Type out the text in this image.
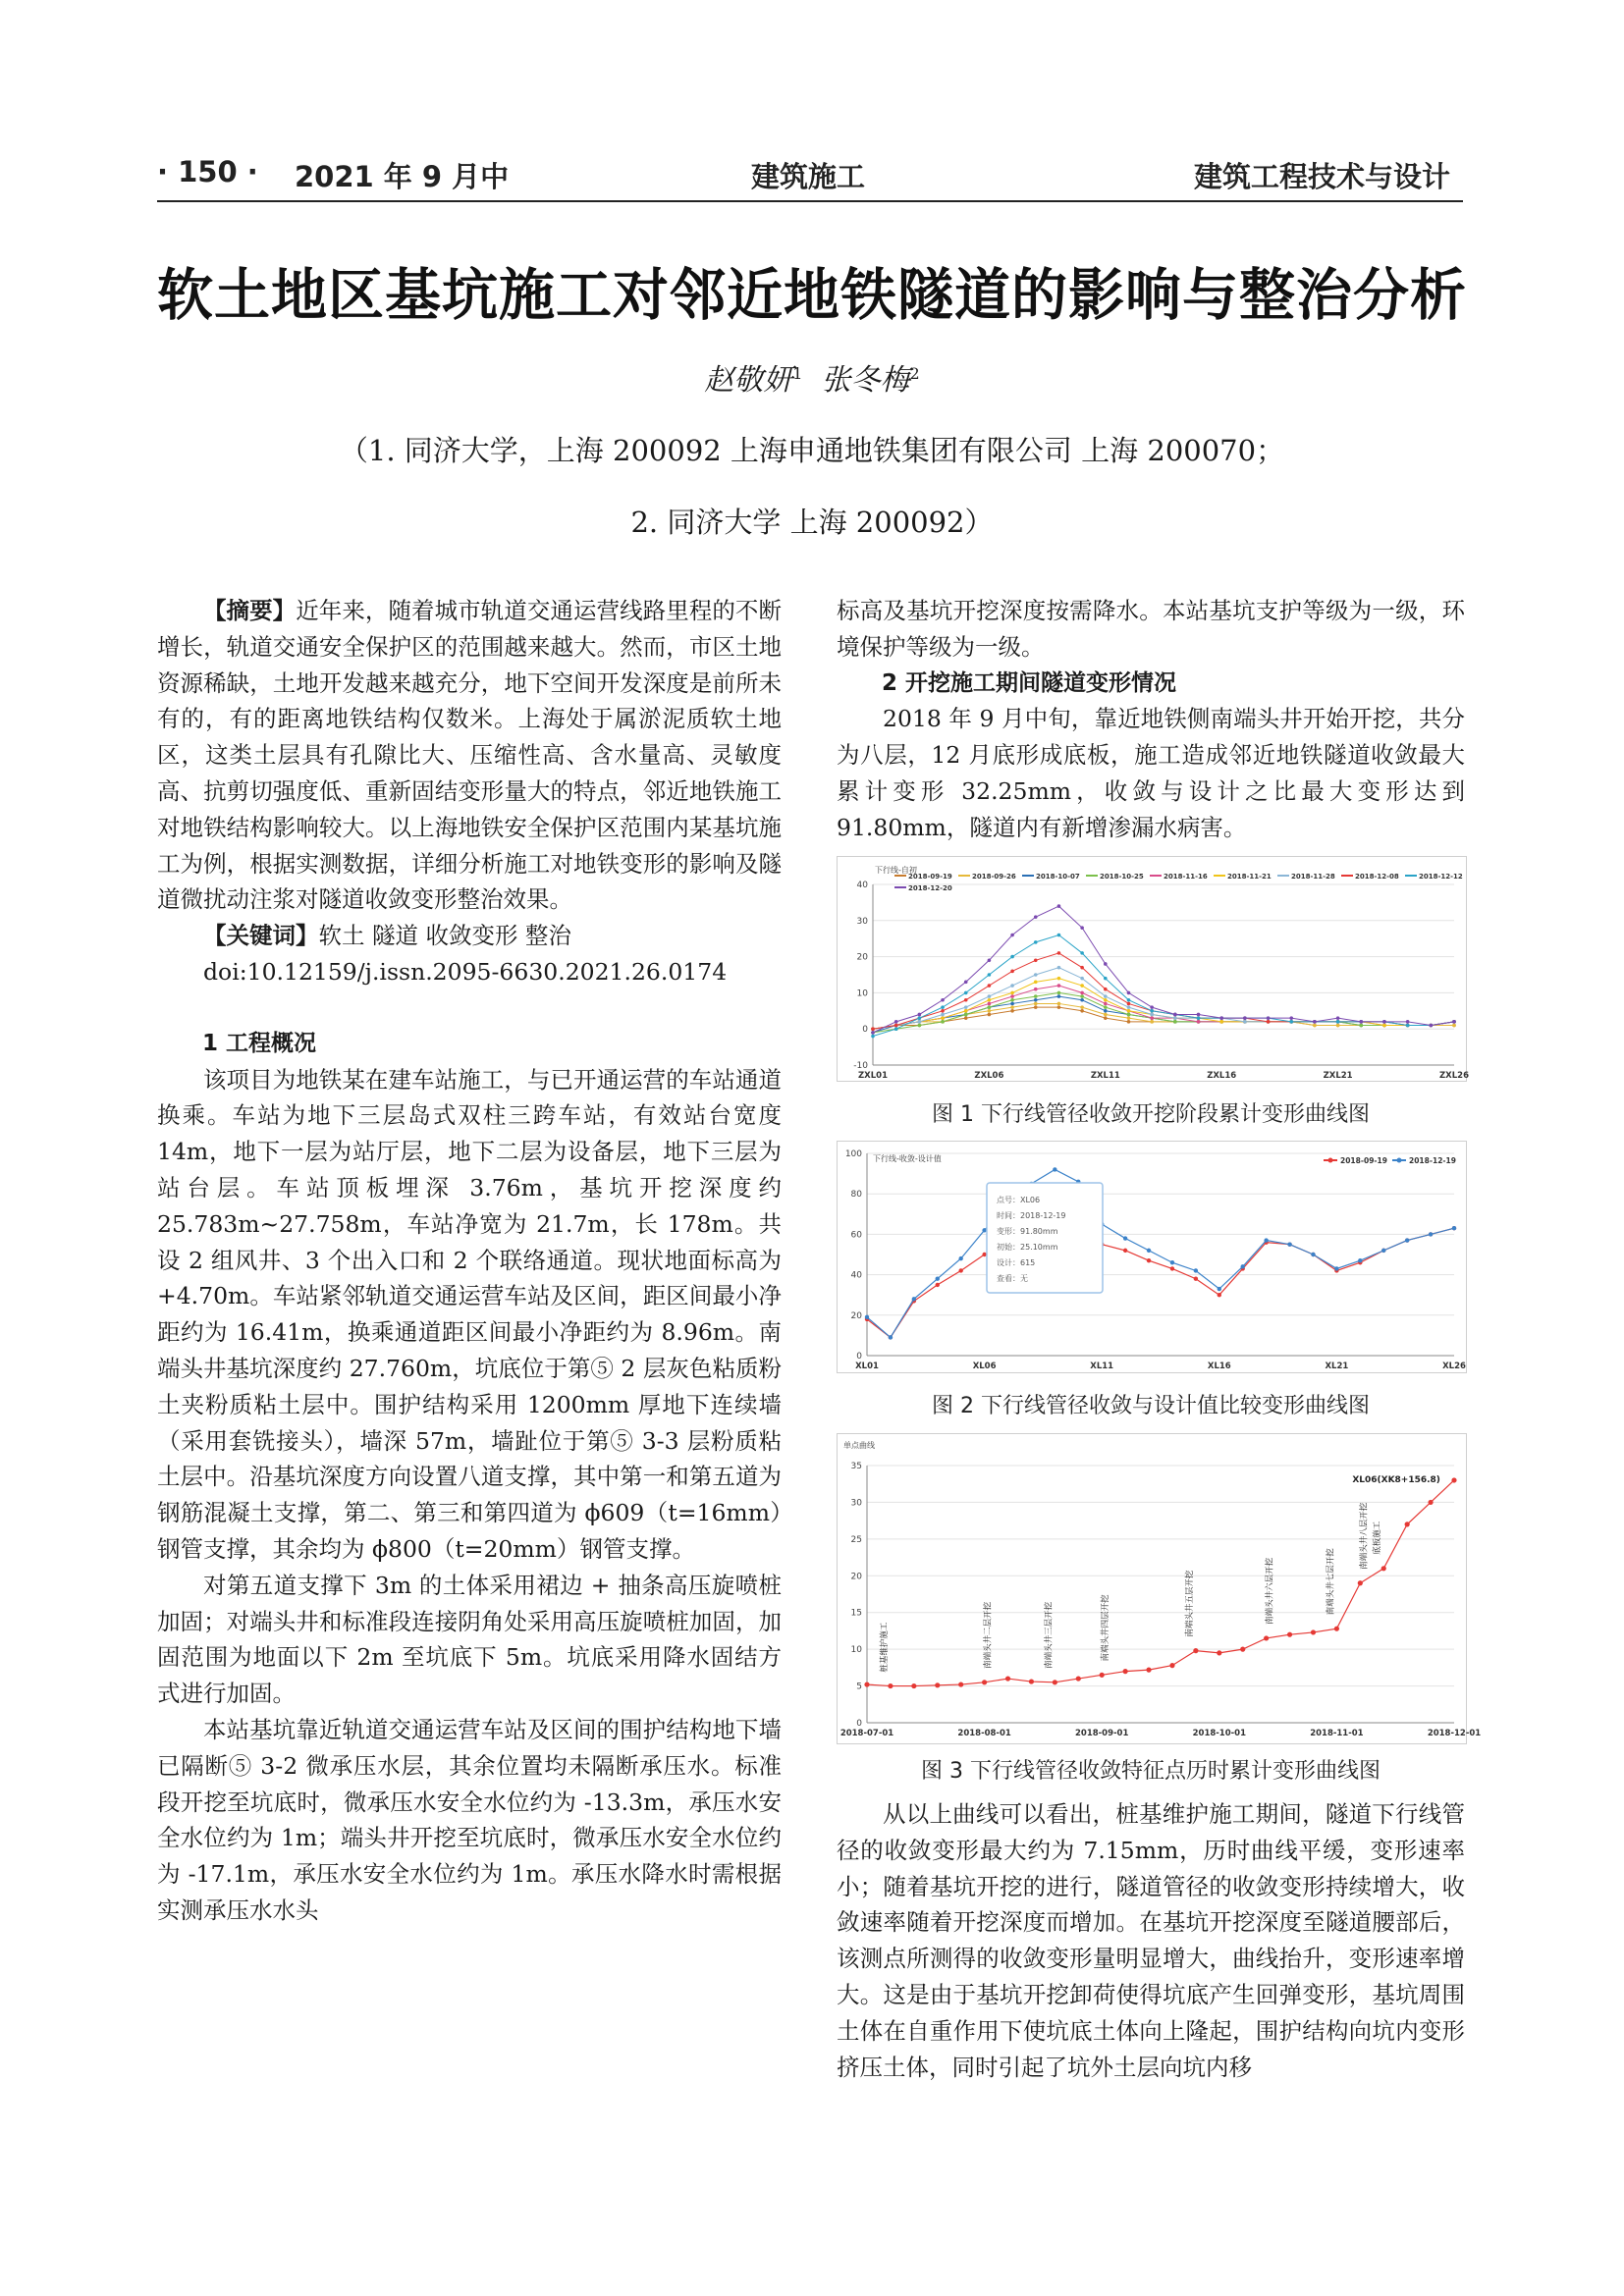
· 150 · 2021 年 9 月中	建筑施工	建筑工程技术与设计
软土地区基坑施工对邻近地铁隧道的影响与整治分析
赵敬妍$^1$ 张冬梅$^2$
（1. 同济大学，上海 200092 上海申通地铁集团有限公司 上海 200070；
2. 同济大学 上海 200092）

【摘要】近年来，随着城市轨道交通运营线路里程的不断增长，轨道交通安全保护区的范围越来越大。然而，市区土地资源稀缺，土地开发越来越充分，地下空间开发深度是前所未有的，有的距离地铁结构仅数米。上海处于属淤泥质软土地区，这类土层具有孔隙比大、压缩性高、含水量高、灵敏度高、抗剪切强度低、重新固结变形量大的特点，邻近地铁施工对地铁结构影响较大。以上海地铁安全保护区范围内某基坑施工为例，根据实测数据，详细分析施工对地铁变形的影响及隧道微扰动注浆对隧道收敛变形整治效果。

【关键词】软土 隧道 收敛变形 整治

doi:10.12159/j.issn.2095-6630.2021.26.0174

1 工程概况

该项目为地铁某在建车站施工，与已开通运营的车站通道换乘。车站为地下三层岛式双柱三跨车站，有效站台宽度 14m，地下一层为站厅层，地下二层为设备层，地下三层为站台层。车站顶板埋深 3.76m，基坑开挖深度约 25.783m~27.758m，车站净宽为 21.7m，长 178m。共设 2 组风井、3 个出入口和 2 个联络通道。现状地面标高为 +4.70m。车站紧邻轨道交通运营车站及区间，距区间最小净距约为 16.41m，换乘通道距区间最小净距约为 8.96m。南端头井基坑深度约 27.760m，坑底位于第⑤ 2 层灰色粘质粉土夹粉质粘土层中。围护结构采用 1200mm 厚地下连续墙（采用套铣接头），墙深 57m，墙趾位于第⑤ 3-3 层粉质粘土层中。沿基坑深度方向设置八道支撑，其中第一和第五道为钢筋混凝土支撑，第二、第三和第四道为 ϕ609（t=16mm）钢管支撑，其余均为 ϕ800（t=20mm）钢管支撑。

对第五道支撑下 3m 的土体采用裙边 + 抽条高压旋喷桩加固；对端头井和标准段连接阴角处采用高压旋喷桩加固，加固范围为地面以下 2m 至坑底下 5m。坑底采用降水固结方式进行加固。

本站基坑靠近轨道交通运营车站及区间的围护结构地下墙已隔断⑤ 3-2 微承压水层，其余位置均未隔断承压水。标准段开挖至坑底时，微承压水安全水位约为 -13.3m，承压水安全水位约为 1m；端头井开挖至坑底时，微承压水安全水位约为 -17.1m，承压水安全水位约为 1m。承压水降水时需根据实测承压水水头

标高及基坑开挖深度按需降水。本站基坑支护等级为一级，环境保护等级为一级。

2 开挖施工期间隧道变形情况

2018 年 9 月中旬，靠近地铁侧南端头井开始开挖，共分为八层，12 月底形成底板，施工造成邻近地铁隧道收敛最大累计变形 32.25mm，收敛与设计之比最大变形达到 91.80mm，隧道内有新增渗漏水病害。

下行线-自初
-10
0
10
20
30
40
ZXL01	ZXL06	ZXL11	ZXL16	ZXL21	ZXL26
2018-09-19	2018-09-26	2018-10-07	2018-10-25	2018-11-16	2018-11-21	2018-11-28	2018-12-08	2018-12-12
2018-12-20
图 1 下行线管径收敛开挖阶段累计变形曲线图
下行线-收敛-设计值
0
20
40
60
80
100
XL01	XL06	XL11	XL16	XL21	XL26
2018-09-19	2018-12-19
点号：XL06
时间：2018-12-19
变形：91.80mm
初始：25.10mm
设计：615
查看：无
图 2 下行线管径收敛与设计值比较变形曲线图
单点曲线
0
5
10
15
20
25
30
35
2018-07-01	2018-08-01	2018-09-01	2018-10-01	2018-11-01	2018-12-01
XL06(XK8+156.8)
桩基维护施工	南端头井二层开挖	南端头井三层开挖	南端头井四层开挖	南端头井五层开挖	南端头井六层开挖	南端头井七层开挖
南端头井八层开挖 底板施工
图 3 下行线管径收敛特征点历时累计变形曲线图

从以上曲线可以看出，桩基维护施工期间，隧道下行线管径的收敛变形最大约为 7.15mm，历时曲线平缓，变形速率小；随着基坑开挖的进行，隧道管径的收敛变形持续增大，收敛速率随着开挖深度而增加。在基坑开挖深度至隧道腰部后，该测点所测得的收敛变形量明显增大，曲线抬升，变形速率增大。这是由于基坑开挖卸荷使得坑底产生回弹变形，基坑周围土体在自重作用下使坑底土体向上隆起，围护结构向坑内变形挤压土体，同时引起了坑外土层向坑内移
